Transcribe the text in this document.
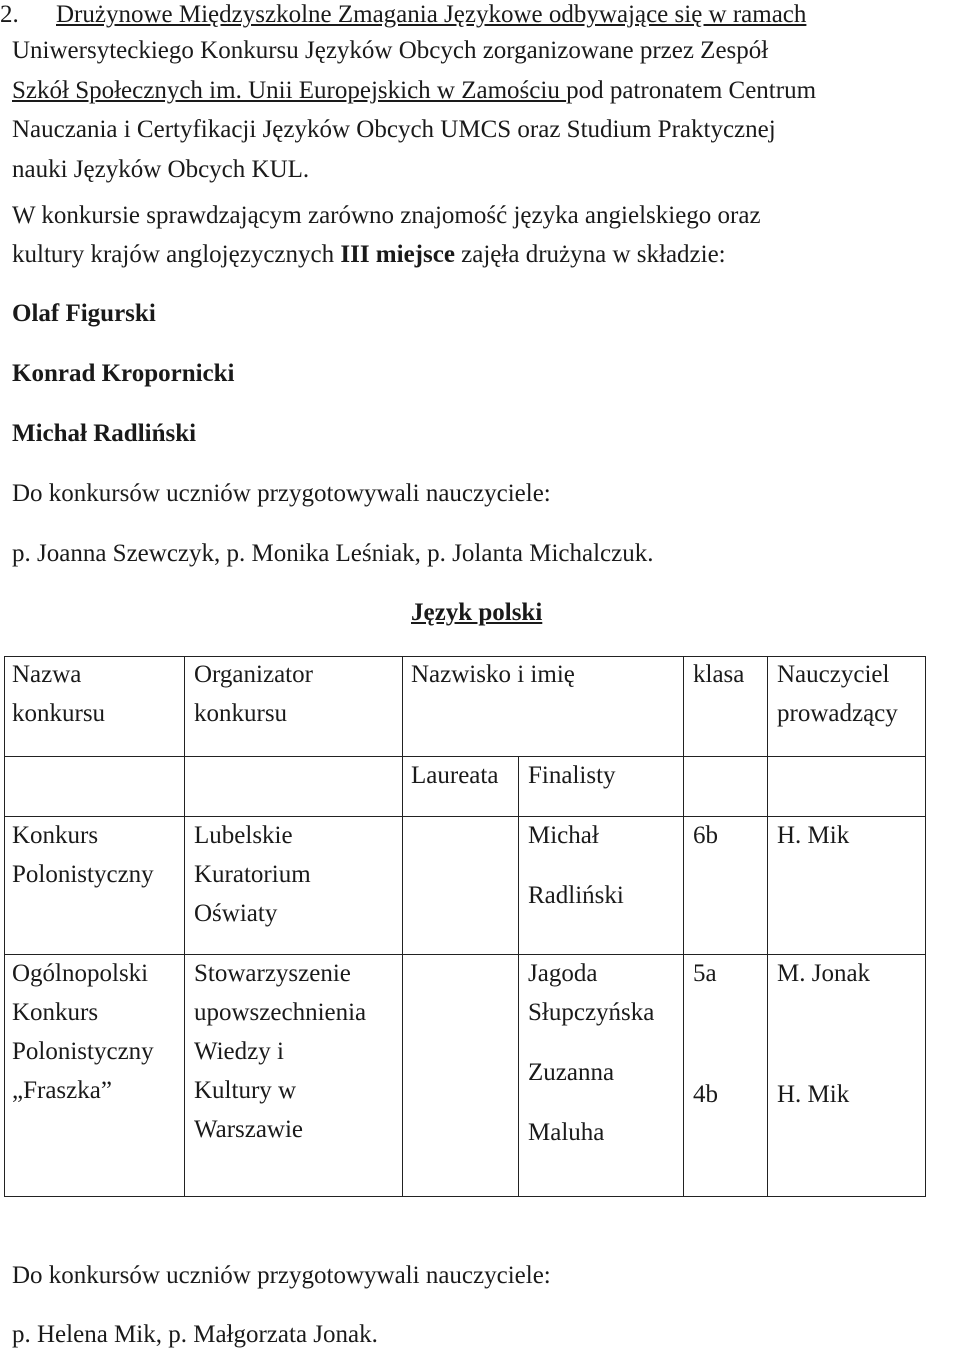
2. Drużynowe Międzyszkolne Zmagania Językowe odbywające się w ramach
Uniwersyteckiego Konkursu Języków Obcych zorganizowane przez Zespół
Szkół Społecznych im. Unii Europejskich w Zamościu pod patronatem Centrum
Nauczania i Certyfikacji Języków Obcych UMCS oraz Studium Praktycznej
nauki Języków Obcych KUL.
W konkursie sprawdzającym zarówno znajomość języka angielskiego oraz
kultury krajów anglojęzycznych III miejsce zajęła drużyna w składzie:
Olaf Figurski
Konrad Kropornicki
Michał Radliński
Do konkursów uczniów przygotowywali nauczyciele:
p. Joanna Szewczyk, p. Monika Leśniak, p. Jolanta Michalczuk.
Język polski
Nazwa
konkursu
Organizator
konkursu
Nazwisko i imię	klasa Nauczyciel
prowadzący
Laureata Finalisty
Konkurs
Polonistyczny
Lubelskie
Kuratorium
Oświaty
Michał
Radliński
6b H. Mik
Ogólnopolski
Konkurs
Polonistyczny
„Fraszka”
Stowarzyszenie
upowszechnienia
Wiedzy i
Kultury w
Warszawie
Jagoda
Słupczyńska
Zuzanna
Maluha
5a
4b
M. Jonak
H. Mik
Do konkursów uczniów przygotowywali nauczyciele:
p. Helena Mik, p. Małgorzata Jonak.
